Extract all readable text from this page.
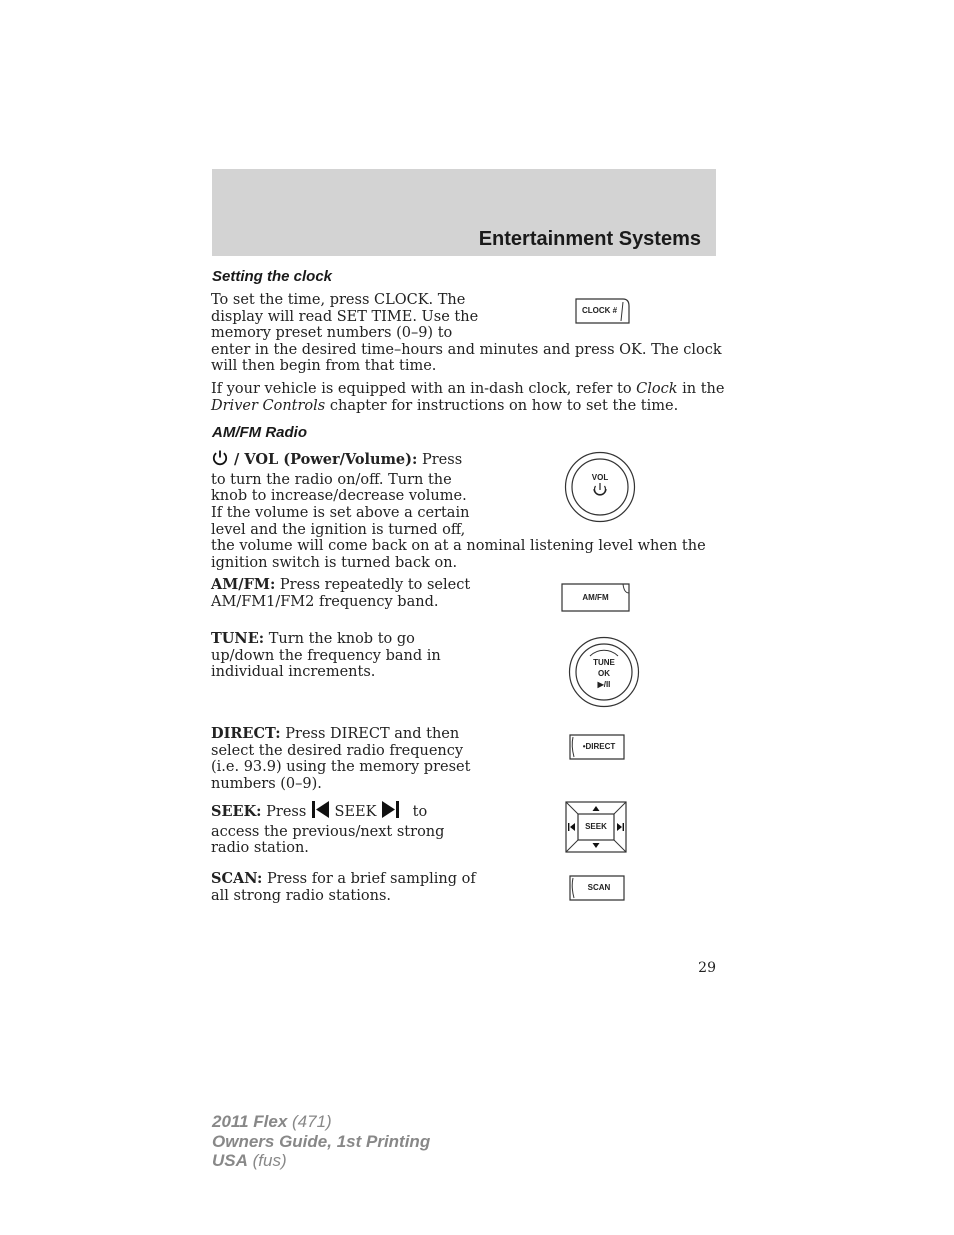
Entertainment Systems
Setting the clock
To set the time, press CLOCK. The
display will read SET TIME. Use the
memory preset numbers (0–9) to
enter in the desired time–hours and minutes and press OK. The clock
will then begin from that time.
If your vehicle is equipped with an in-dash clock, refer to Clock in the
Driver Controls chapter for instructions on how to set the time.
CLOCK #
AM/FM Radio
/ VOL (Power/Volume): Press
to turn the radio on/off. Turn the
knob to increase/decrease volume.
If the volume is set above a certain
level and the ignition is turned off,
the volume will come back on at a nominal listening level when the
ignition switch is turned back on.
VOL
AM/FM: Press repeatedly to select
AM/FM1/FM2 frequency band.	AM/FM
TUNE: Turn the knob to go
up/down the frequency band in
individual increments.
TUNE
OK
▶/II
DIRECT: Press DIRECT and then
select the desired radio frequency
(i.e. 93.9) using the memory preset
numbers (0–9).
•DIRECT
SEEK: Press  SEEK  to
access the previous/next strong
radio station.
SEEK
SCAN: Press for a brief sampling of
all strong radio stations.	SCAN
29
2011 Flex (471)
Owners Guide, 1st Printing
USA (fus)
